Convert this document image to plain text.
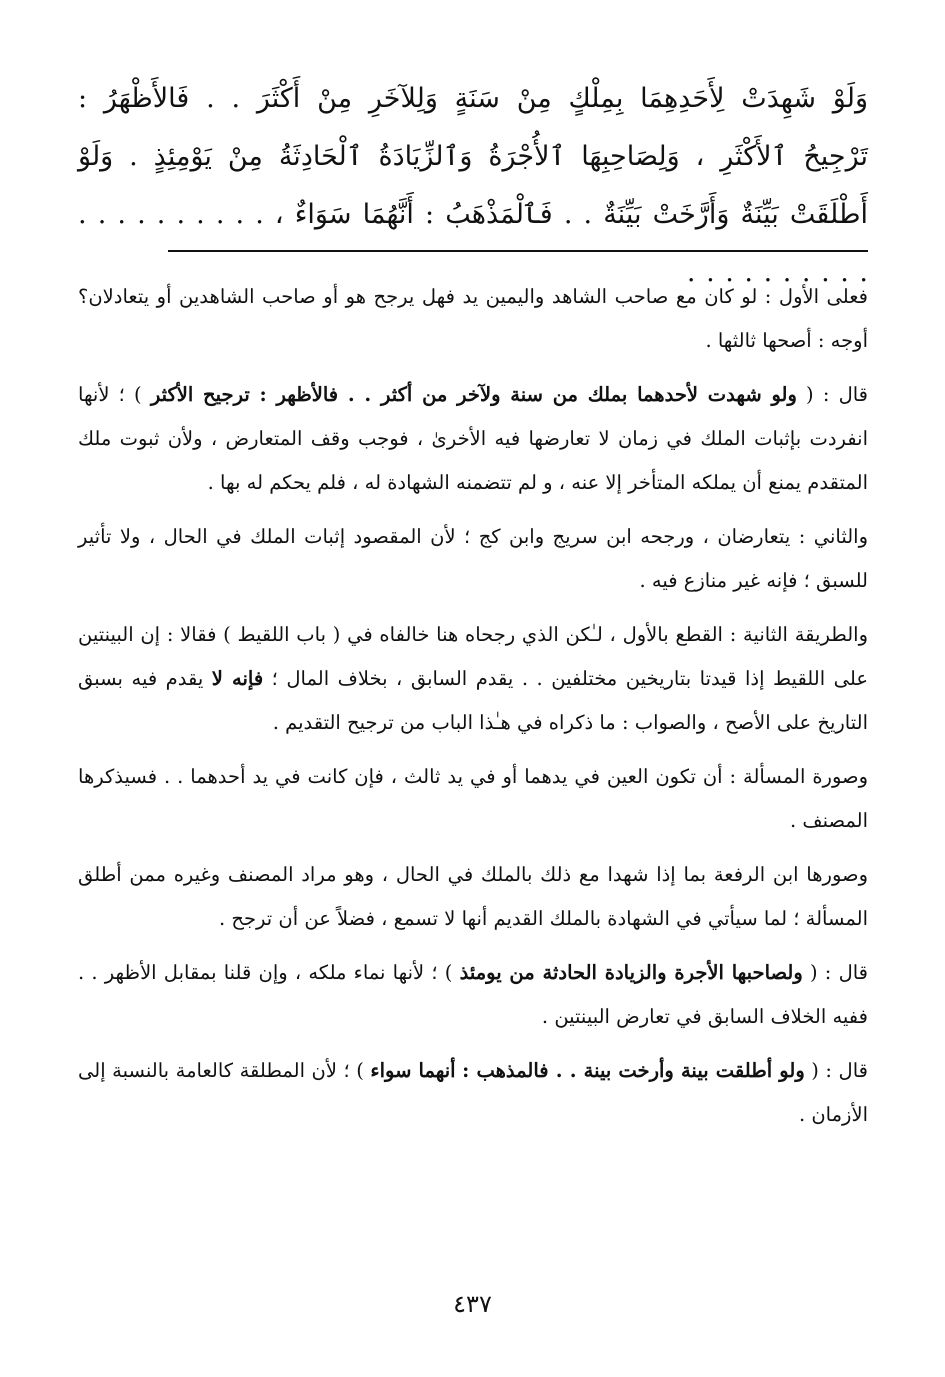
وَلَوْ شَهِدَتْ لِأَحَدِهِمَا بِمِلْكٍ مِنْ سَنَةٍ وَلِلآخَرِ مِنْ أَكْثَرَ . . فَالأَظْهَرُ : تَرْجِيحُ ٱلأَكْثَرِ ، وَلِصَاحِبِهَا ٱلأُجْرَةُ وَٱلزِّيَادَةُ ٱلْحَادِثَةُ مِنْ يَوْمِئِذٍ . وَلَوْ أَطْلَقَتْ بَيِّنَةٌ وَأَرَّخَتْ بَيِّنَةٌ . . فَٱلْمَذْهَبُ : أَنَّهُمَا سَوَاءٌ ، . . . . . . . . . . . . . . . . . . . .

فعلى الأول : لو كان مع صاحب الشاهد واليمين يد فهل يرجح هو أو صاحب الشاهدين أو يتعادلان؟ أوجه : أصحها ثالثها .

قال : ( ولو شهدت لأحدهما بملك من سنة ولآخر من أكثر . . فالأظهر : ترجيح الأكثر ) ؛ لأنها انفردت بإثبات الملك في زمان لا تعارضها فيه الأخرىٰ ، فوجب وقف المتعارض ، ولأن ثبوت ملك المتقدم يمنع أن يملكه المتأخر إلا عنه ، و لم تتضمنه الشهادة له ، فلم يحكم له بها .

والثاني : يتعارضان ، ورجحه ابن سريج وابن كج ؛ لأن المقصود إثبات الملك في الحال ، ولا تأثير للسبق ؛ فإنه غير منازع فيه .

والطريقة الثانية : القطع بالأول ، لـٰكن الذي رجحاه هنا خالفاه في ( باب اللقيط ) فقالا : إن البينتين على اللقيط إذا قيدتا بتاريخين مختلفين . . يقدم السابق ، بخلاف المال ؛ فإنه لا يقدم فيه بسبق التاريخ على الأصح ، والصواب : ما ذكراه في هـٰذا الباب من ترجيح التقديم .

وصورة المسألة : أن تكون العين في يدهما أو في يد ثالث ، فإن كانت في يد أحدهما . . فسيذكرها المصنف .

وصورها ابن الرفعة بما إذا شهدا مع ذلك بالملك في الحال ، وهو مراد المصنف وغيره ممن أطلق المسألة ؛ لما سيأتي في الشهادة بالملك القديم أنها لا تسمع ، فضلاً عن أن ترجح .

قال : ( ولصاحبها الأجرة والزيادة الحادثة من يومئذ ) ؛ لأنها نماء ملكه ، وإن قلنا بمقابل الأظهر . . ففيه الخلاف السابق في تعارض البينتين .

قال : ( ولو أطلقت بينة وأرخت بينة . . فالمذهب : أنهما سواء ) ؛ لأن المطلقة كالعامة بالنسبة إلى الأزمان .

٤٣٧
